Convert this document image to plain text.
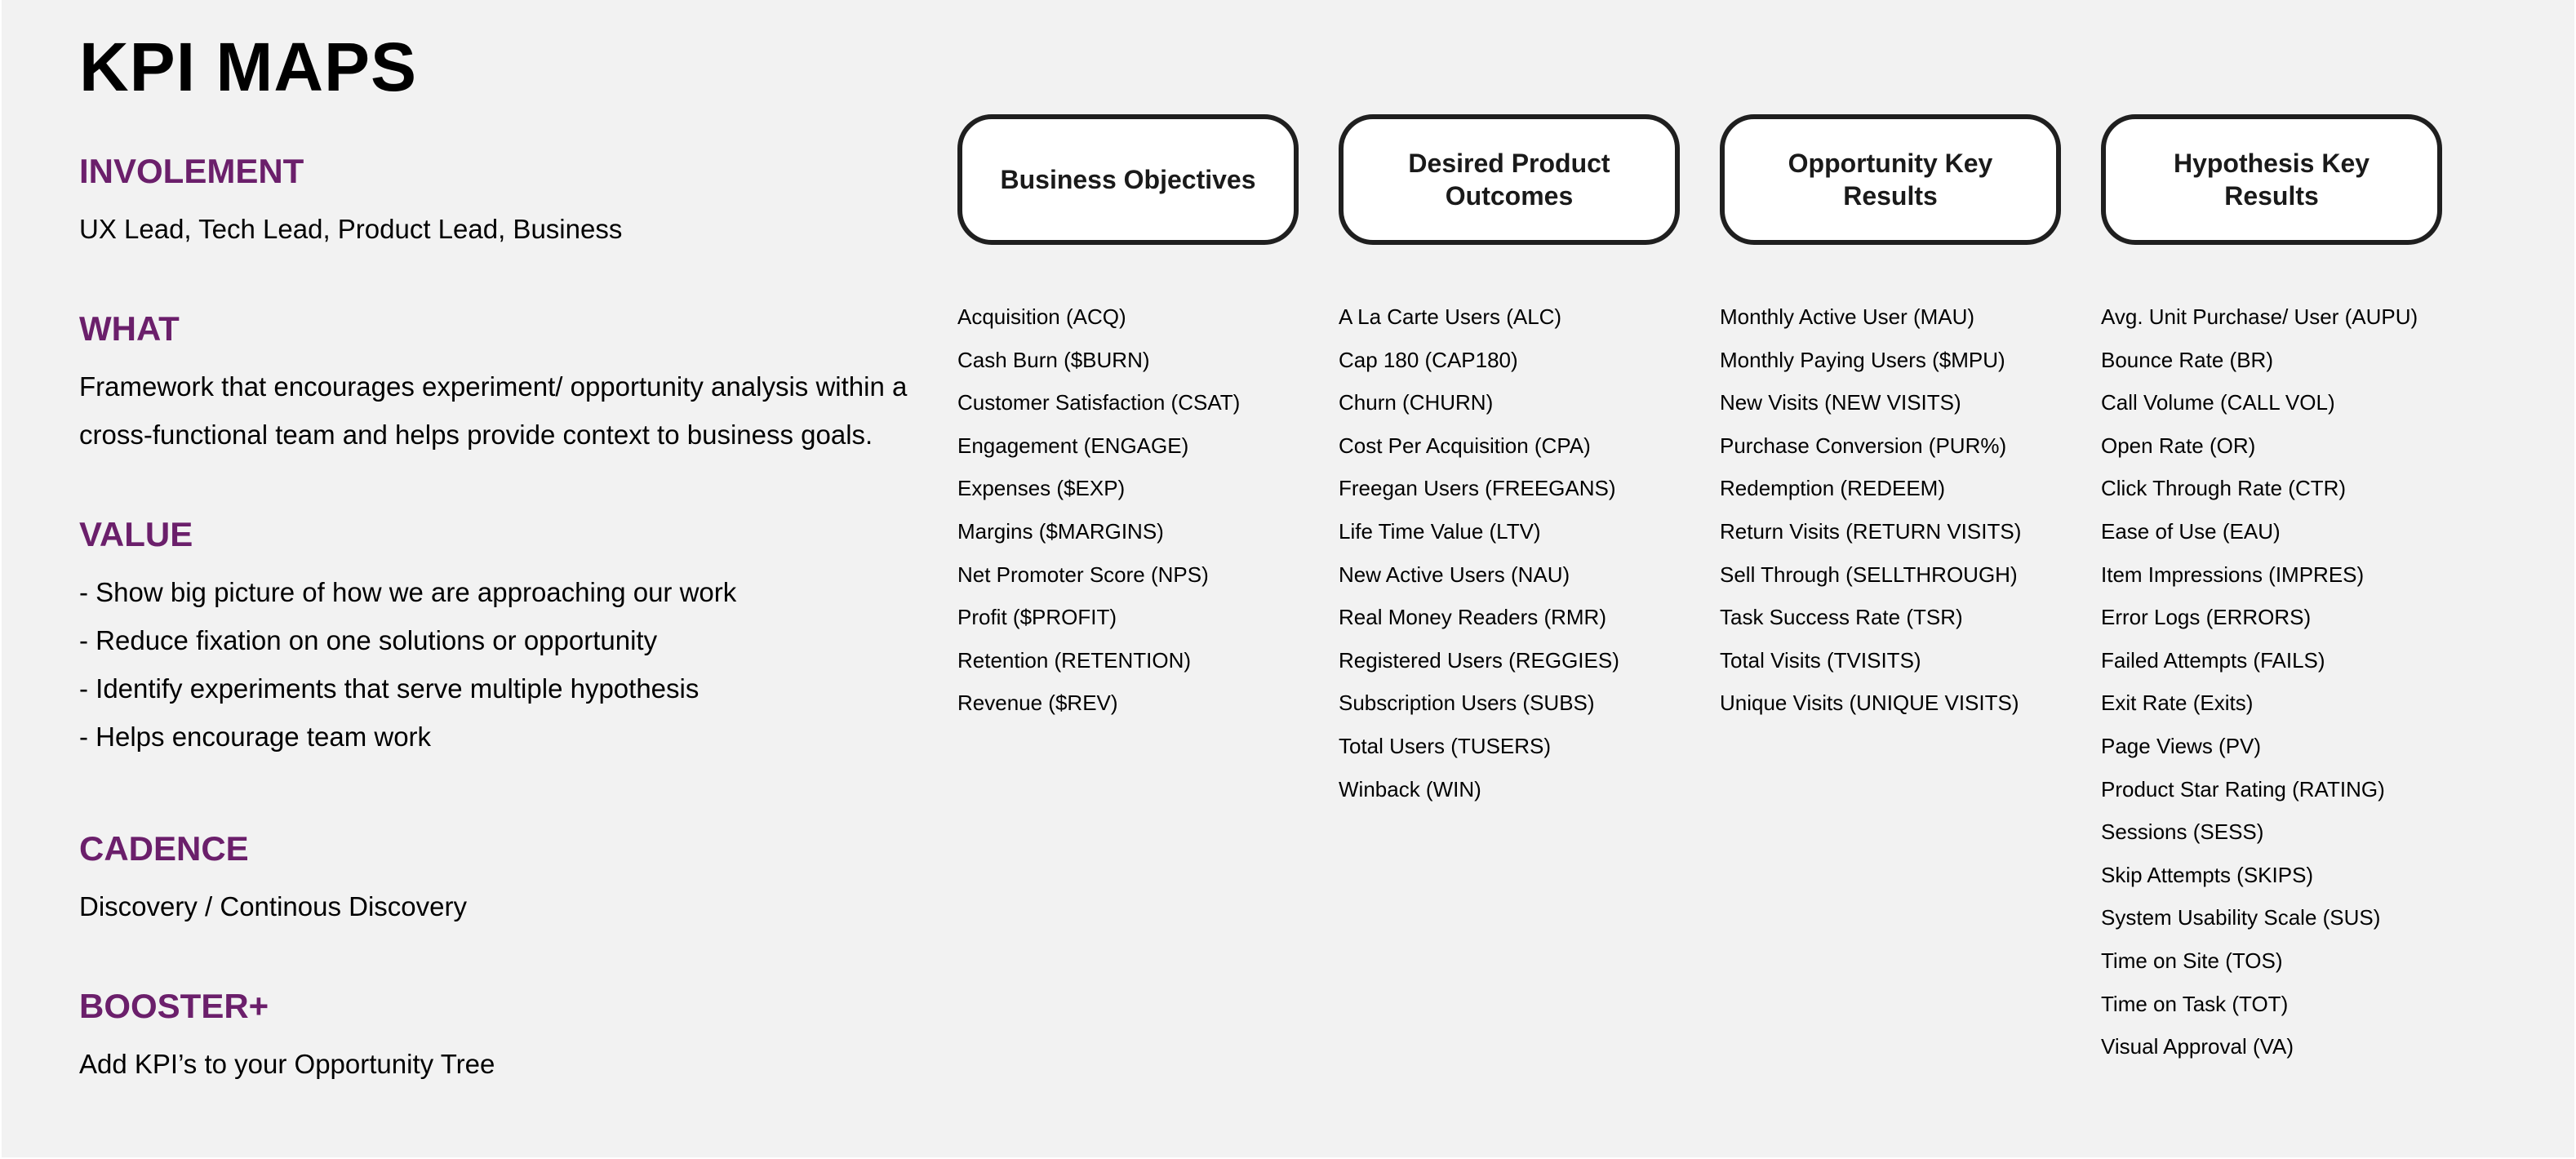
KPI MAPS
INVOLEMENT

UX Lead, Tech Lead, Product Lead, Business

WHAT

Framework that encourages experiment/ opportunity analysis within a

cross-functional team and helps provide context to business goals.

VALUE
- Show big picture of how we are approaching our work
- Reduce fixation on one solutions or opportunity
- Identify experiments that serve multiple hypothesis
- Helps encourage team work
CADENCE

Discovery / Continous Discovery

BOOSTER+

Add KPI’s to your Opportunity Tree

Business Objectives
Acquisition (ACQ)
Cash Burn ($BURN)
Customer Satisfaction (CSAT)
Engagement (ENGAGE)
Expenses ($EXP)
Margins ($MARGINS)
Net Promoter Score (NPS)
Profit ($PROFIT)
Retention (RETENTION)
Revenue ($REV)
Desired Product Outcomes
A La Carte Users (ALC)
Cap 180 (CAP180)
Churn (CHURN)
Cost Per Acquisition (CPA)
Freegan Users (FREEGANS)
Life Time Value (LTV)
New Active Users (NAU)
Real Money Readers (RMR)
Registered Users (REGGIES)
Subscription Users (SUBS)
Total Users (TUSERS)
Winback (WIN)
Opportunity Key Results
Monthly Active User (MAU)
Monthly Paying Users ($MPU)
New Visits (NEW VISITS)
Purchase Conversion (PUR%)
Redemption (REDEEM)
Return Visits (RETURN VISITS)
Sell Through (SELLTHROUGH)
Task Success Rate (TSR)
Total Visits (TVISITS)
Unique Visits (UNIQUE VISITS)
Hypothesis Key Results
Avg. Unit Purchase/ User (AUPU)
Bounce Rate (BR)
Call Volume (CALL VOL)
Open Rate (OR)
Click Through Rate (CTR)
Ease of Use (EAU)
Item Impressions (IMPRES)
Error Logs (ERRORS)
Failed Attempts (FAILS)
Exit Rate (Exits)
Page Views (PV)
Product Star Rating (RATING)
Sessions (SESS)
Skip Attempts (SKIPS)
System Usability Scale (SUS)
Time on Site (TOS)
Time on Task (TOT)
Visual Approval (VA)
